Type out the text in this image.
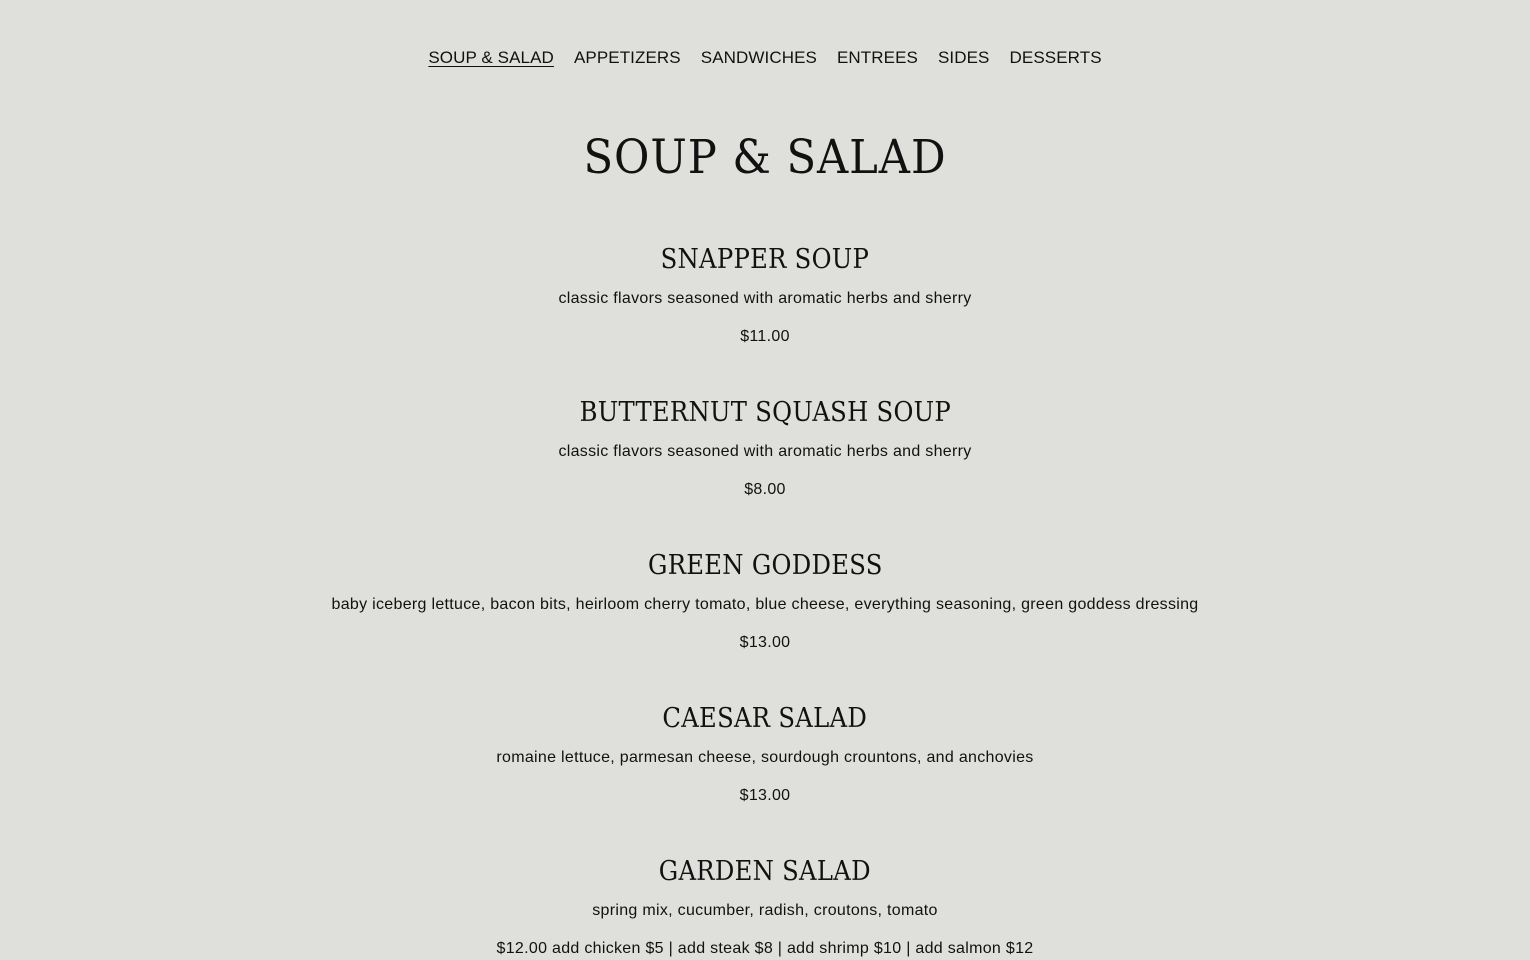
SOUP & SALAD APPETIZERS SANDWICHES ENTREES SIDES DESSERTS
SOUP & SALAD
SNAPPER SOUP

classic flavors seasoned with aromatic herbs and sherry

$11.00

BUTTERNUT SQUASH SOUP

classic flavors seasoned with aromatic herbs and sherry

$8.00

GREEN GODDESS

baby iceberg lettuce, bacon bits, heirloom cherry tomato, blue cheese, everything seasoning, green goddess dressing

$13.00

CAESAR SALAD

romaine lettuce, parmesan cheese, sourdough crountons, and anchovies

$13.00

GARDEN SALAD

spring mix, cucumber, radish, croutons, tomato

$12.00 add chicken $5 | add steak $8 | add shrimp $10 | add salmon $12
